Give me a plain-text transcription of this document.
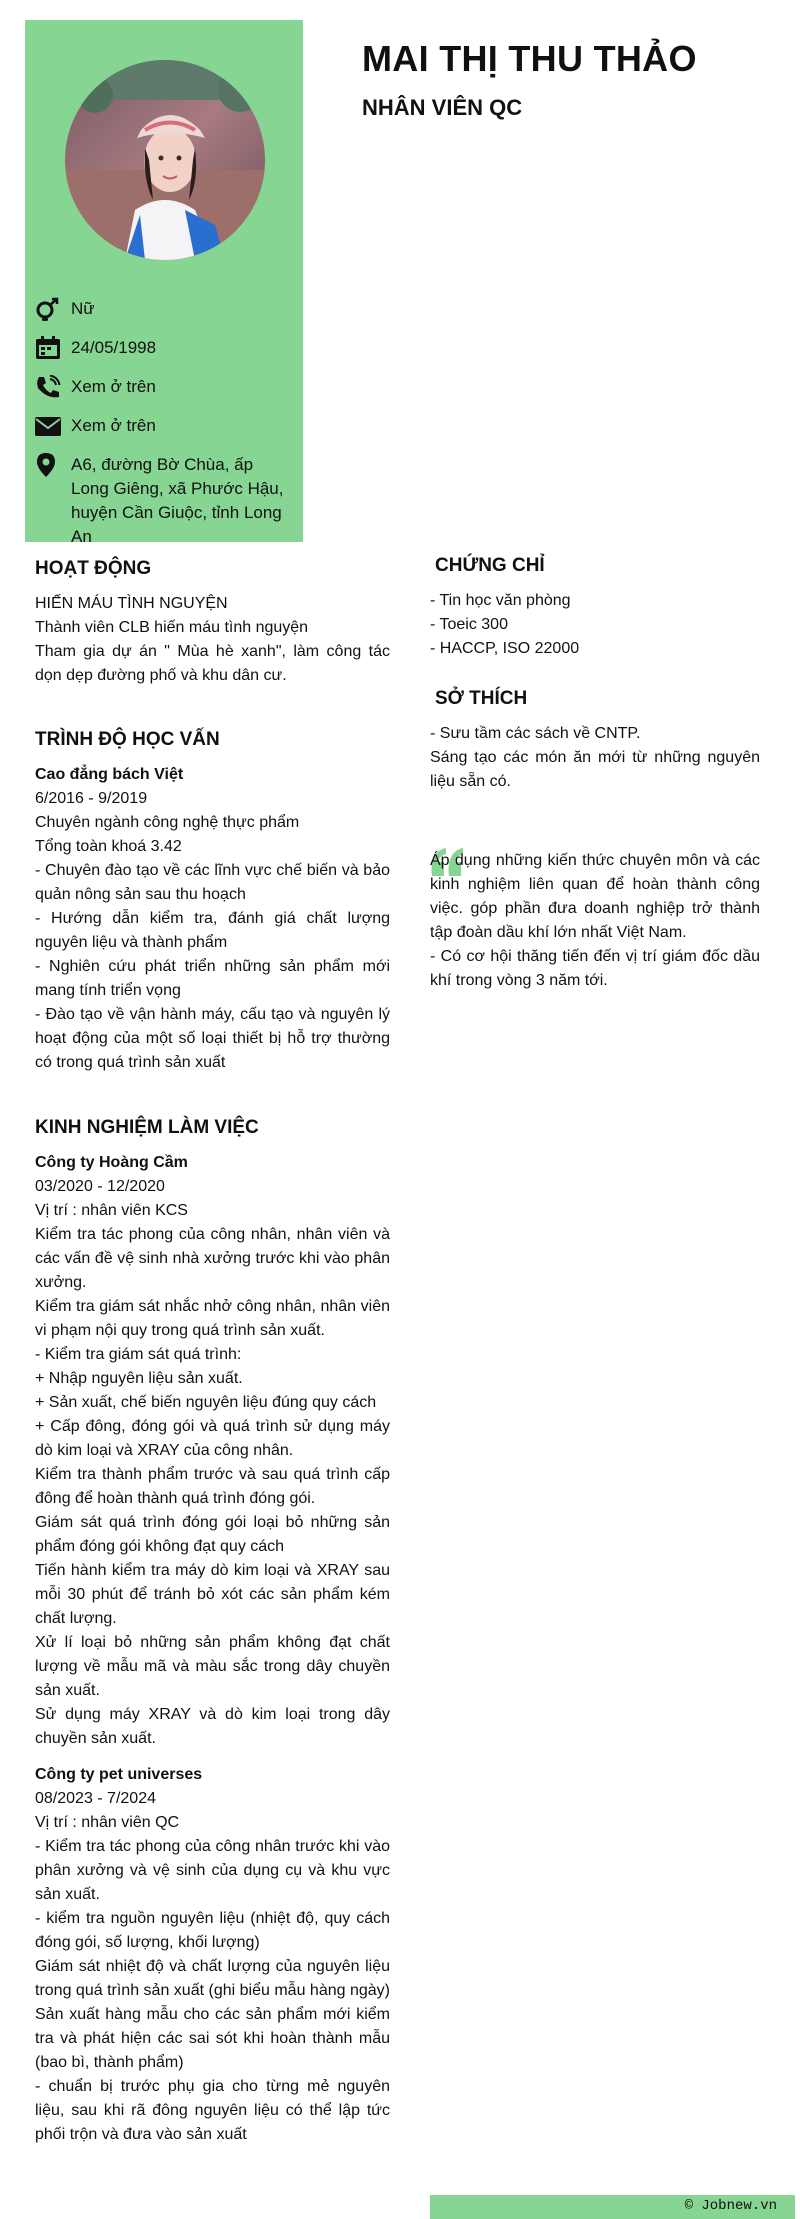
Nữ
24/05/1998
Xem ở trên
Xem ở trên
A6, đường Bờ Chùa, ấp Long Giêng, xã Phước Hậu, huyện Cần Giuộc, tỉnh Long An
MAI THỊ THU THẢO
NHÂN VIÊN QC
HOẠT ĐỘNG
HIẾN MÁU TÌNH NGUYỆN
Thành viên CLB hiến máu tình nguyện
Tham gia dự án " Mùa hè xanh", làm công tác dọn dẹp đường phố và khu dân cư.
TRÌNH ĐỘ HỌC VẤN
Cao đẳng bách Việt
6/2016 - 9/2019
Chuyên ngành công nghệ thực phẩm
Tổng toàn khoá 3.42
- Chuyên đào tạo về các lĩnh vực chế biến và bảo quản nông sản sau thu hoạch
- Hướng dẫn kiểm tra, đánh giá chất lượng nguyên liệu và thành phẩm
- Nghiên cứu phát triển những sản phẩm mới mang tính triển vọng
- Đào tạo về vận hành máy, cấu tạo và nguyên lý hoạt động của một số loại thiết bị hỗ trợ thường có trong quá trình sản xuất
KINH NGHIỆM LÀM VIỆC
Công ty Hoàng Cầm
03/2020 - 12/2020
Vị trí : nhân viên KCS
Kiểm tra tác phong của công nhân, nhân viên và các vấn đề vệ sinh nhà xưởng trước khi vào phân xưởng.
Kiểm tra giám sát nhắc nhở công nhân, nhân viên vi phạm nội quy trong quá trình sản xuất.
- Kiểm tra giám sát quá trình:
+ Nhập nguyên liệu sản xuất.
+ Sản xuất, chế biến nguyên liệu đúng quy cách
+ Cấp đông, đóng gói và quá trình sử dụng máy dò kim loại và XRAY của công nhân.
Kiểm tra thành phẩm trước và sau quá trình cấp đông để hoàn thành quá trình đóng gói.
Giám sát quá trình đóng gói loại bỏ những sản phẩm đóng gói không đạt quy cách
Tiến hành kiểm tra máy dò kim loại và XRAY sau mỗi 30 phút để tránh bỏ xót các sản phẩm kém chất lượng.
Xử lí loại bỏ những sản phẩm không đạt chất lượng về mẫu mã và màu sắc trong dây chuyền sản xuất.
Sử dụng máy XRAY và dò kim loại trong dây chuyền sản xuất.
Công ty pet universes
08/2023 - 7/2024
Vị trí : nhân viên QC
- Kiểm tra tác phong của công nhân trước khi vào phân xưởng và vệ sinh của dụng cụ và khu vực sản xuất.
- kiểm tra nguồn nguyên liệu (nhiệt độ, quy cách đóng gói, số lượng, khối lượng)
Giám sát nhiệt độ và chất lượng của nguyên liệu trong quá trình sản xuất (ghi biểu mẫu hàng ngày) Sản xuất hàng mẫu cho các sản phẩm mới kiểm tra và phát hiện các sai sót khi hoàn thành mẫu (bao bì, thành phẩm)
- chuẩn bị trước phụ gia cho từng mẻ nguyên liệu, sau khi rã đông nguyên liệu có thể lập tức phối trộn và đưa vào sản xuất
CHỨNG CHỈ
- Tin học văn phòng
- Toeic 300
- HACCP, ISO 22000
SỞ THÍCH
- Sưu tầm các sách về CNTP.
Sáng tạo các món ăn mới từ những nguyên liệu sẵn có.
Áp dụng những kiến thức chuyên môn và các kinh nghiệm liên quan để hoàn thành công việc. góp phần đưa doanh nghiệp trở thành tập đoàn dầu khí lớn nhất Việt Nam.
- Có cơ hội thăng tiến đến vị trí giám đốc dầu khí trong vòng 3 năm tới.
© Jobnew.vn
